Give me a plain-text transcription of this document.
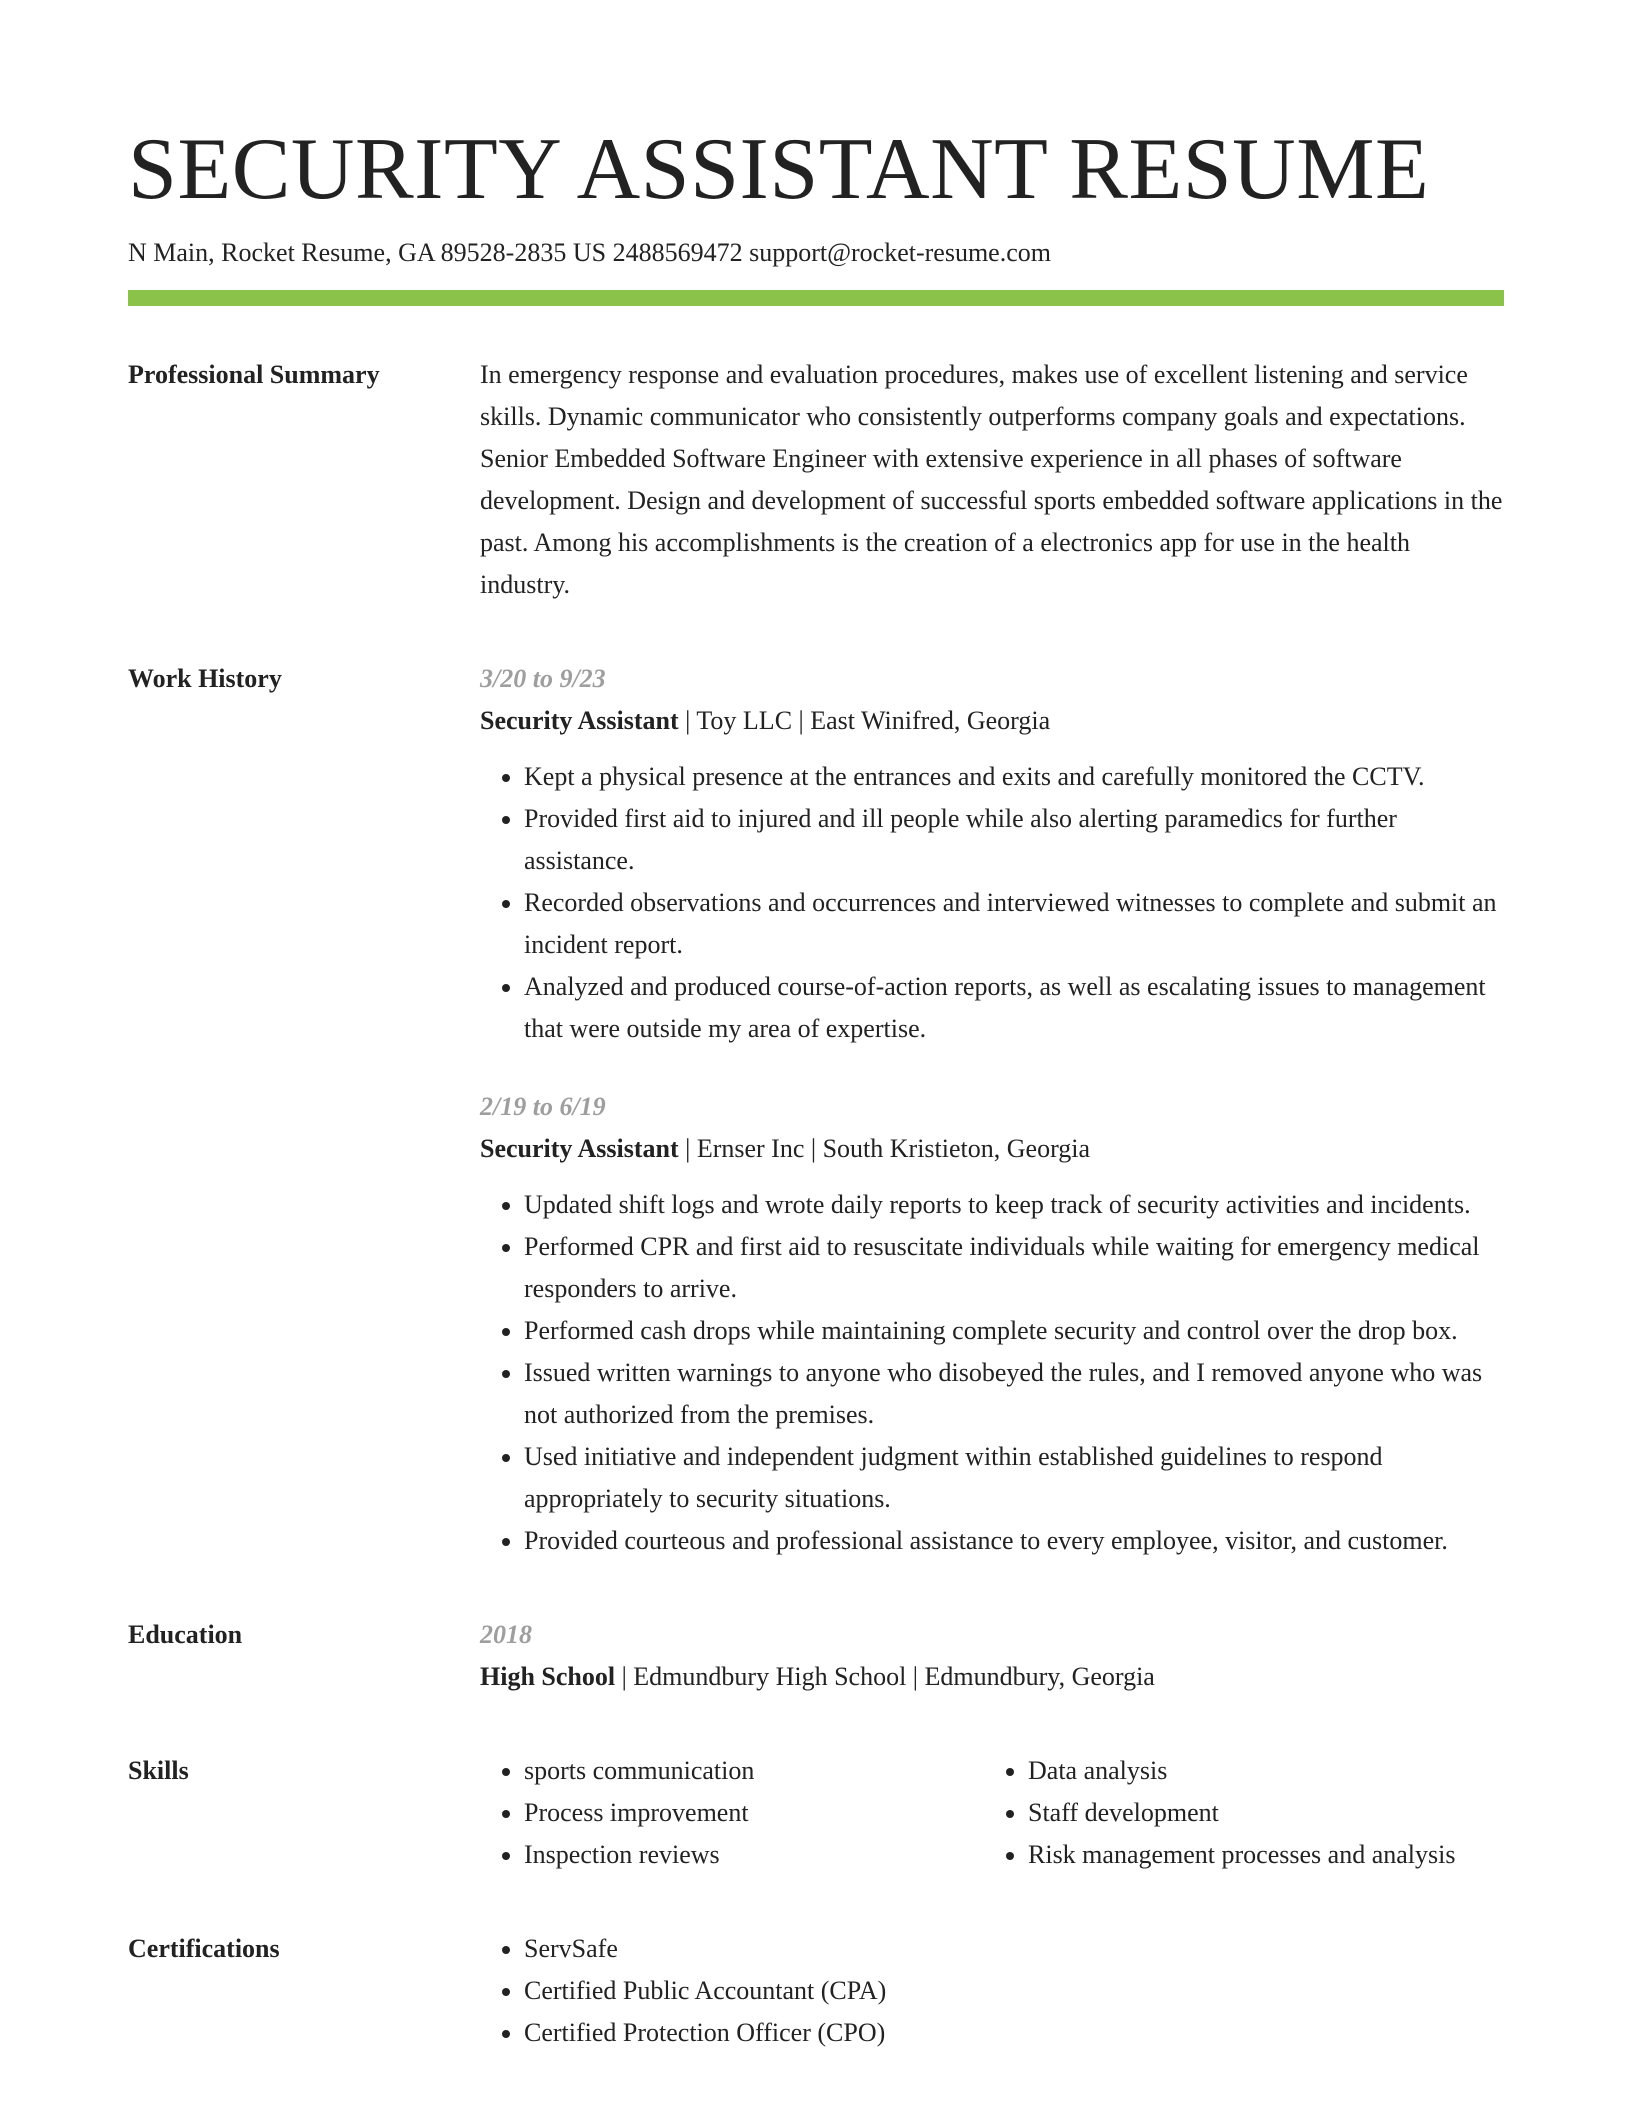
SECURITY ASSISTANT RESUME
N Main, Rocket Resume, GA 89528-2835 US 2488569472 support@rocket-resume.com
Professional Summary	In emergency response and evaluation procedures, makes use of excellent listening and service skills. Dynamic communicator who consistently outperforms company goals and expectations. Senior Embedded Software Engineer with extensive experience in all phases of software development. Design and development of successful sports embedded software applications in the past. Among his accomplishments is the creation of a electronics app for use in the health industry.

Work History	3/20 to 9/23
Security Assistant | Toy LLC | East Winifred, Georgia
• Kept a physical presence at the entrances and exits and carefully monitored the CCTV.
• Provided first aid to injured and ill people while also alerting paramedics for further assistance.
• Recorded observations and occurrences and interviewed witnesses to complete and submit an incident report.
• Analyzed and produced course-of-action reports, as well as escalating issues to management that were outside my area of expertise.
2/19 to 6/19
Security Assistant | Ernser Inc | South Kristieton, Georgia
• Updated shift logs and wrote daily reports to keep track of security activities and incidents.
• Performed CPR and first aid to resuscitate individuals while waiting for emergency medical responders to arrive.
• Performed cash drops while maintaining complete security and control over the drop box.
• Issued written warnings to anyone who disobeyed the rules, and I removed anyone who was not authorized from the premises.
• Used initiative and independent judgment within established guidelines to respond appropriately to security situations.
• Provided courteous and professional assistance to every employee, visitor, and customer.
Education	2018
High School | Edmundbury High School | Edmundbury, Georgia
Skills	• sports communication
• Process improvement
• Inspection reviews
• Data analysis
• Staff development
• Risk management processes and analysis
Certifications	• ServSafe
• Certified Public Accountant (CPA)
• Certified Protection Officer (CPO)
